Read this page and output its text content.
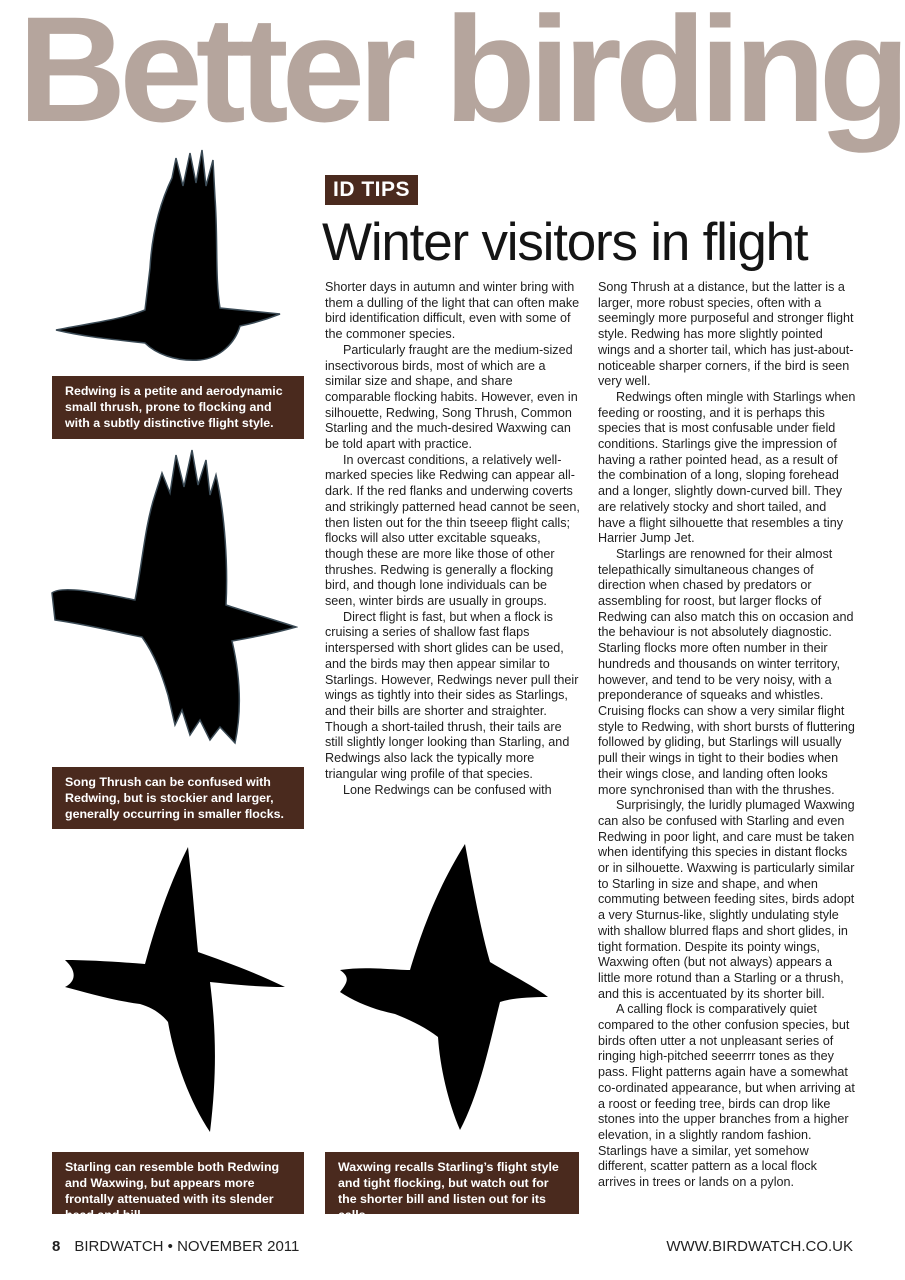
Better birding
ID TIPS
Winter visitors in flight
Redwing is a petite and aerodynamic small thrush, prone to flocking and with a subtly distinctive flight style.
Song Thrush can be confused with Redwing, but is stockier and larger, generally occurring in smaller flocks.
Starling can resemble both Redwing and Waxwing, but appears more frontally attenuated with its slender head and bill.
Waxwing recalls Starling’s flight style and tight flocking, but watch out for the shorter bill and listen out for its calls.

Shorter days in autumn and winter bring with them a dulling of the light that can often make bird identification difficult, even with some of the commoner species.

Particularly fraught are the medium-sized insectivorous birds, most of which are a similar size and shape, and share comparable flocking habits. However, even in silhouette, Redwing, Song Thrush, Common Starling and the much-desired Waxwing can be told apart with practice.

In overcast conditions, a relatively well-marked species like Redwing can appear all-dark. If the red flanks and underwing coverts and strikingly patterned head cannot be seen, then listen out for the thin tseeep flight calls; flocks will also utter excitable squeaks, though these are more like those of other thrushes. Redwing is generally a flocking bird, and though lone individuals can be seen, winter birds are usually in groups.

Direct flight is fast, but when a flock is cruising a series of shallow fast flaps interspersed with short glides can be used, and the birds may then appear similar to Starlings. However, Redwings never pull their wings as tightly into their sides as Starlings, and their bills are shorter and straighter. Though a short-tailed thrush, their tails are still slightly longer looking than Starling, and Redwings also lack the typically more triangular wing profile of that species.

Lone Redwings can be confused with

Song Thrush at a distance, but the latter is a larger, more robust species, often with a seemingly more purposeful and stronger flight style. Redwing has more slightly pointed wings and a shorter tail, which has just-about-noticeable sharper corners, if the bird is seen very well.

Redwings often mingle with Starlings when feeding or roosting, and it is perhaps this species that is most confusable under field conditions. Starlings give the impression of having a rather pointed head, as a result of the combination of a long, sloping forehead and a longer, slightly down-curved bill. They are relatively stocky and short tailed, and have a flight silhouette that resembles a tiny Harrier Jump Jet.

Starlings are renowned for their almost telepathically simultaneous changes of direction when chased by predators or assembling for roost, but larger flocks of Redwing can also match this on occasion and the behaviour is not absolutely diagnostic. Starling flocks more often number in their hundreds and thousands on winter territory, however, and tend to be very noisy, with a preponderance of squeaks and whistles. Cruising flocks can show a very similar flight style to Redwing, with short bursts of fluttering followed by gliding, but Starlings will usually pull their wings in tight to their bodies when their wings close, and landing often looks more synchronised than with the thrushes.

Surprisingly, the luridly plumaged Waxwing can also be confused with Starling and even Redwing in poor light, and care must be taken when identifying this species in distant flocks or in silhouette. Waxwing is particularly similar to Starling in size and shape, and when commuting between feeding sites, birds adopt a very Sturnus-like, slightly undulating style with shallow blurred flaps and short glides, in tight formation. Despite its pointy wings, Waxwing often (but not always) appears a little more rotund than a Starling or a thrush, and this is accentuated by its shorter bill.

A calling flock is comparatively quiet compared to the other confusion species, but birds often utter a not unpleasant series of ringing high-pitched seeerrrr tones as they pass. Flight patterns again have a somewhat co-ordinated appearance, but when arriving at a roost or feeding tree, birds can drop like stones into the upper branches from a higher elevation, in a slightly random fashion. Starlings have a similar, yet somehow different, scatter pattern as a local flock arrives in trees or lands on a pylon.

8 BIRDWATCH • NOVEMBER 2011	WWW.BIRDWATCH.CO.UK
